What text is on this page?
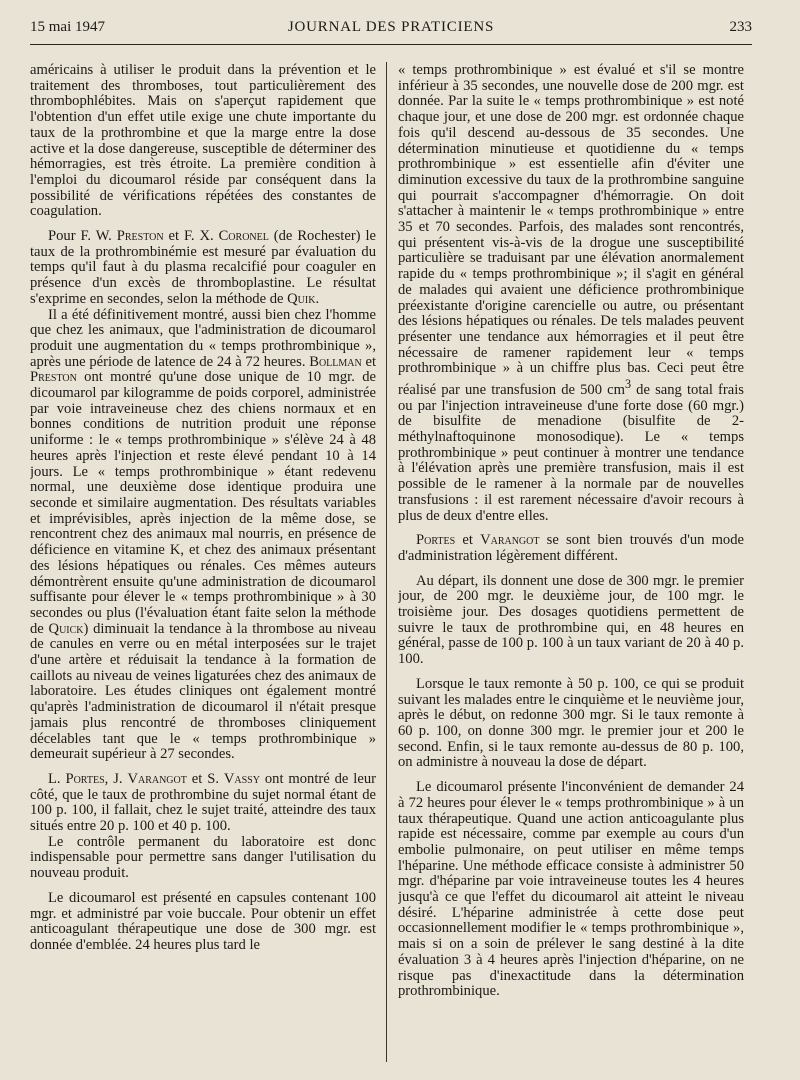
15 mai 1947	JOURNAL DES PRATICIENS	233

américains à utiliser le produit dans la prévention et le traitement des thromboses, tout particulièrement des thrombophlébites. Mais on s'aperçut rapidement que l'obtention d'un effet utile exige une chute importante du taux de la prothrombine et que la marge entre la dose active et la dose dangereuse, susceptible de déterminer des hémorragies, est très étroite. La première condition à l'emploi du dicoumarol réside par conséquent dans la possibilité de vérifications répétées des constantes de coagulation.

Pour F. W. Preston et F. X. Coronel (de Rochester) le taux de la prothrombinémie est mesuré par évaluation du temps qu'il faut à du plasma recalcifié pour coaguler en présence d'un excès de thromboplastine. Le résultat s'exprime en secondes, selon la méthode de Quik.

Il a été définitivement montré, aussi bien chez l'homme que chez les animaux, que l'administration de dicoumarol produit une augmentation du « temps prothrombinique », après une période de latence de 24 à 72 heures. Bollman et Preston ont montré qu'une dose unique de 10 mgr. de dicoumarol par kilogramme de poids corporel, administrée par voie intraveineuse chez des chiens normaux et en bonnes conditions de nutrition produit une réponse uniforme : le « temps prothrombinique » s'élève 24 à 48 heures après l'injection et reste élevé pendant 10 à 14 jours. Le « temps prothrombinique » étant redevenu normal, une deuxième dose identique produira une seconde et similaire augmentation. Des résultats variables et imprévisibles, après injection de la même dose, se rencontrent chez des animaux mal nourris, en présence de déficience en vitamine K, et chez des animaux présentant des lésions hépatiques ou rénales. Ces mêmes auteurs démontrèrent ensuite qu'une administration de dicoumarol suffisante pour élever le « temps prothrombinique » à 30 secondes ou plus (l'évaluation étant faite selon la méthode de Quick) diminuait la tendance à la thrombose au niveau de canules en verre ou en métal interposées sur le trajet d'une artère et réduisait la tendance à la formation de caillots au niveau de veines ligaturées chez des animaux de laboratoire. Les études cliniques ont également montré qu'après l'administration de dicoumarol il n'était presque jamais plus rencontré de thromboses cliniquement décelables tant que le « temps prothrombinique » demeurait supérieur à 27 secondes.

L. Portes, J. Varangot et S. Vassy ont montré de leur côté, que le taux de prothrombine du sujet normal étant de 100 p. 100, il fallait, chez le sujet traité, atteindre des taux situés entre 20 p. 100 et 40 p. 100.

Le contrôle permanent du laboratoire est donc indispensable pour permettre sans danger l'utilisation du nouveau produit.

Le dicoumarol est présenté en capsules contenant 100 mgr. et administré par voie buccale. Pour obtenir un effet anticoagulant thérapeutique une dose de 300 mgr. est donnée d'emblée. 24 heures plus tard le

« temps prothrombinique » est évalué et s'il se montre inférieur à 35 secondes, une nouvelle dose de 200 mgr. est donnée. Par la suite le « temps prothrombinique » est noté chaque jour, et une dose de 200 mgr. est ordonnée chaque fois qu'il descend au-dessous de 35 secondes. Une détermination minutieuse et quotidienne du « temps prothrombinique » est essentielle afin d'éviter une diminution excessive du taux de la prothrombine sanguine qui pourrait s'accompagner d'hémorragie. On doit s'attacher à maintenir le « temps prothrombinique » entre 35 et 70 secondes. Parfois, des malades sont rencontrés, qui présentent vis-à-vis de la drogue une susceptibilité particulière se traduisant par une élévation anormalement rapide du « temps prothrombinique »; il s'agit en général de malades qui avaient une déficience prothrombinique préexistante d'origine carencielle ou autre, ou présentant des lésions hépatiques ou rénales. De tels malades peuvent présenter une tendance aux hémorragies et il peut être nécessaire de ramener rapidement leur « temps prothrombinique » à un chiffre plus bas. Ceci peut être réalisé par une transfusion de 500 $cm^3$ de sang total frais ou par l'injection intraveineuse d'une forte dose (60 mgr.) de bisulfite de menadione (bisulfite de 2-méthylnaftoquinone monosodique). Le « temps prothrombinique » peut continuer à montrer une tendance à l'élévation après une première transfusion, mais il est possible de le ramener à la normale par de nouvelles transfusions : il est rarement nécessaire d'avoir recours à plus de deux d'entre elles.

Portes et Varangot se sont bien trouvés d'un mode d'administration légèrement différent.

Au départ, ils donnent une dose de 300 mgr. le premier jour, de 200 mgr. le deuxième jour, de 100 mgr. le troisième jour. Des dosages quotidiens permettent de suivre le taux de prothrombine qui, en 48 heures en général, passe de 100 p. 100 à un taux variant de 20 à 40 p. 100.

Lorsque le taux remonte à 50 p. 100, ce qui se produit suivant les malades entre le cinquième et le neuvième jour, après le début, on redonne 300 mgr. Si le taux remonte à 60 p. 100, on donne 300 mgr. le premier jour et 200 le second. Enfin, si le taux remonte au-dessus de 80 p. 100, on administre à nouveau la dose de départ.

Le dicoumarol présente l'inconvénient de demander 24 à 72 heures pour élever le « temps prothrombinique » à un taux thérapeutique. Quand une action anticoagulante plus rapide est nécessaire, comme par exemple au cours d'un embolie pulmonaire, on peut utiliser en même temps l'héparine. Une méthode efficace consiste à administrer 50 mgr. d'héparine par voie intraveineuse toutes les 4 heures jusqu'à ce que l'effet du dicoumarol ait atteint le niveau désiré. L'héparine administrée à cette dose peut occasionnellement modifier le « temps prothrombinique », mais si on a soin de prélever le sang destiné à la dite évaluation 3 à 4 heures après l'injection d'héparine, on ne risque pas d'inexactitude dans la détermination prothrombinique.
